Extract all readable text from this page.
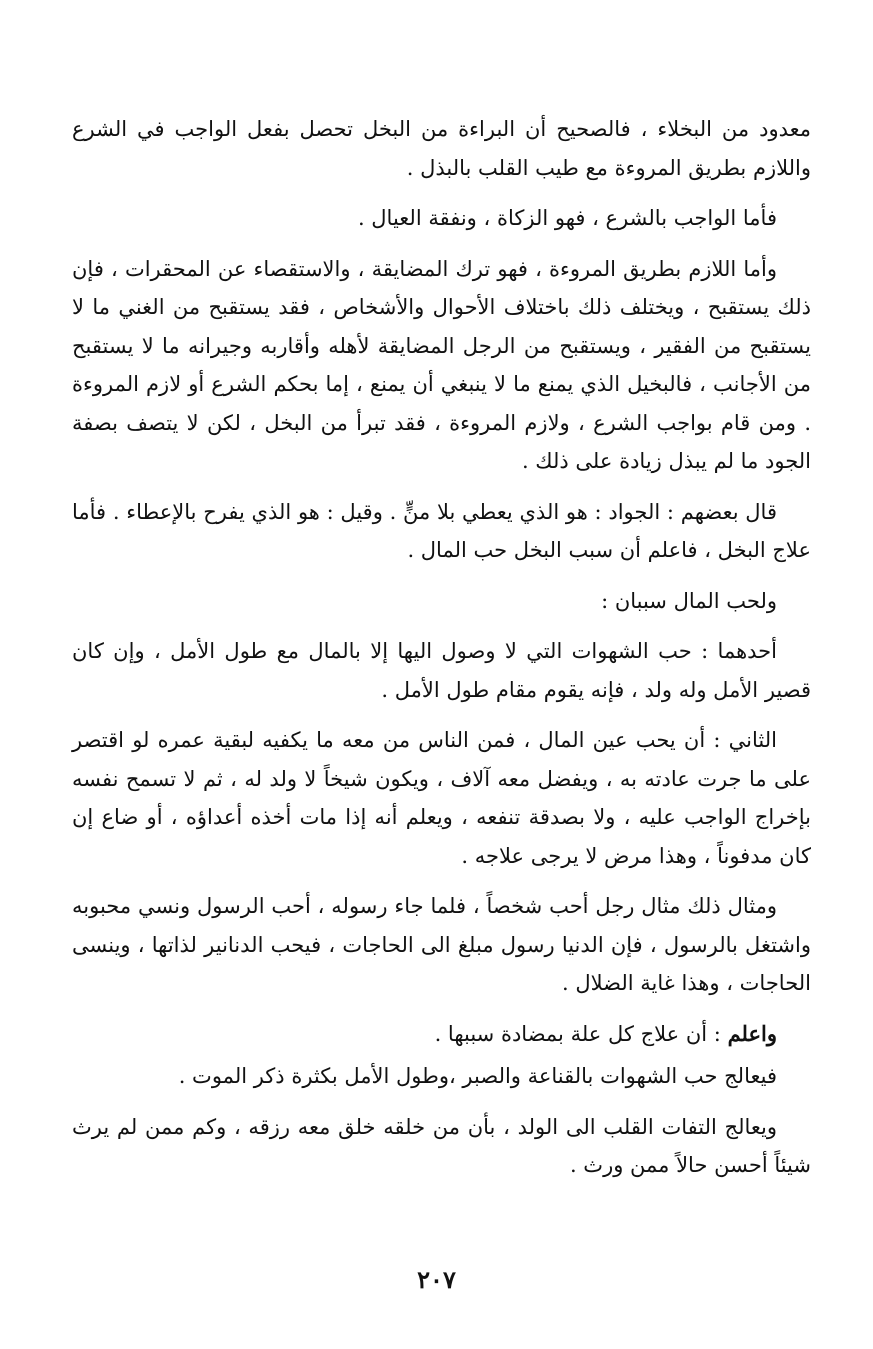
معدود من البخلاء ، فالصحيح أن البراءة من البخل تحصل بفعل الواجب في الشرع واللازم بطريق المروءة مع طيب القلب بالبذل .

فأما الواجب بالشرع ، فهو الزكاة ، ونفقة العيال .

وأما اللازم بطريق المروءة ، فهو ترك المضايقة ، والاستقصاء عن المحقرات ، فإن ذلك يستقبح ، ويختلف ذلك باختلاف الأحوال والأشخاص ، فقد يستقبح من الغني ما لا يستقبح من الفقير ، ويستقبح من الرجل المضايقة لأهله وأقاربه وجيرانه ما لا يستقبح من الأجانب ، فالبخيل الذي يمنع ما لا ينبغي أن يمنع ، إما بحكم الشرع أو لازم المروءة . ومن قام بواجب الشرع ، ولازم المروءة ، فقد تبرأ من البخل ، لكن لا يتصف بصفة الجود ما لم يبذل زيادة على ذلك .

قال بعضهم : الجواد : هو الذي يعطي بلا منٍّ . وقيل : هو الذي يفرح بالإعطاء . فأما علاج البخل ، فاعلم أن سبب البخل حب المال .

ولحب المال سببان :

أحدهما : حب الشهوات التي لا وصول اليها إلا بالمال مع طول الأمل ، وإن كان قصير الأمل وله ولد ، فإنه يقوم مقام طول الأمل .

الثاني : أن يحب عين المال ، فمن الناس من معه ما يكفيه لبقية عمره لو اقتصر على ما جرت عادته به ، ويفضل معه آلاف ، ويكون شيخاً لا ولد له ، ثم لا تسمح نفسه بإخراج الواجب عليه ، ولا بصدقة تنفعه ، ويعلم أنه إذا مات أخذه أعداؤه ، أو ضاع إن كان مدفوناً ، وهذا مرض لا يرجى علاجه .

ومثال ذلك مثال رجل أحب شخصاً ، فلما جاء رسوله ، أحب الرسول ونسي محبوبه واشتغل بالرسول ، فإن الدنيا رسول مبلغ الى الحاجات ، فيحب الدنانير لذاتها ، وينسى الحاجات ، وهذا غاية الضلال .

واعلم : أن علاج كل علة بمضادة سببها .

فيعالج حب الشهوات بالقناعة والصبر ،وطول الأمل بكثرة ذكر الموت .

ويعالج التفات القلب الى الولد ، بأن من خلقه خلق معه رزقه ، وكم ممن لم يرث شيئاً أحسن حالاً ممن ورث .

٢٠٧
